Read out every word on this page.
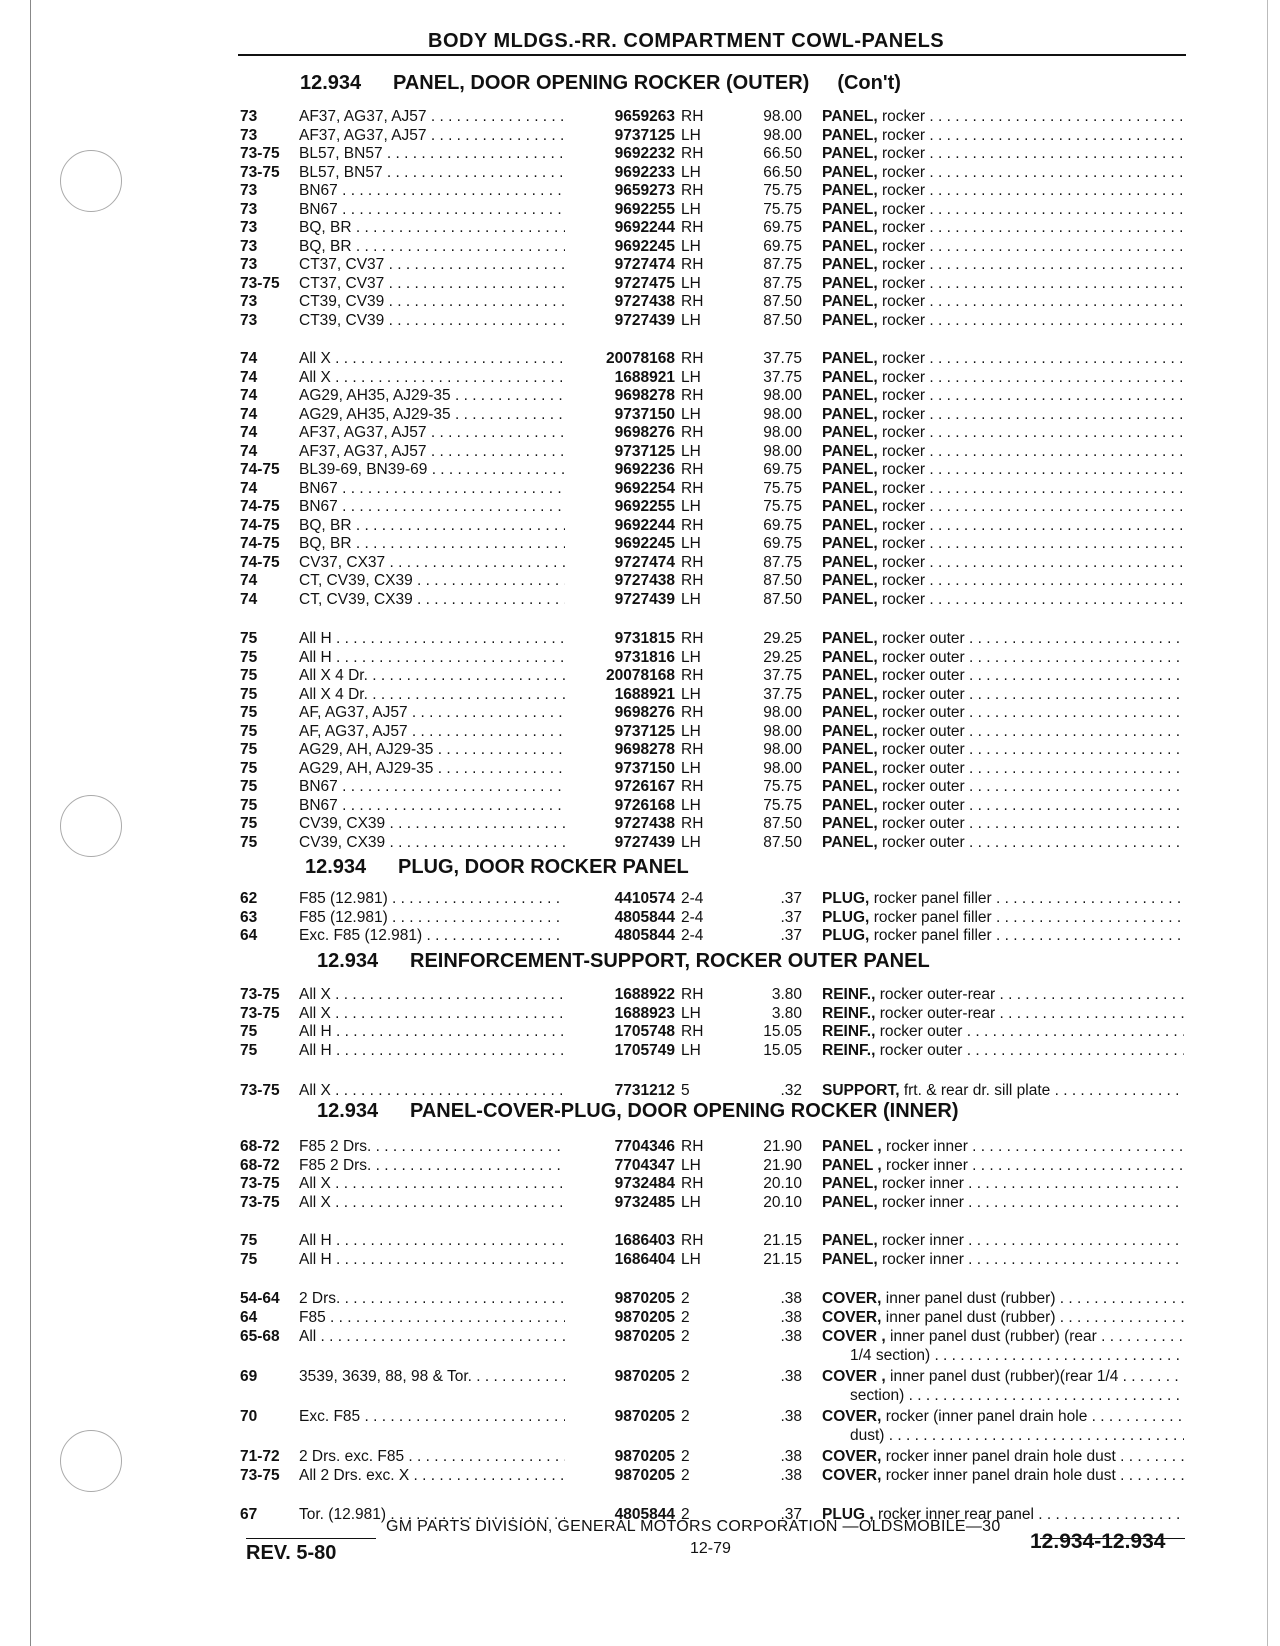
BODY MLDGS.-RR. COMPARTMENT COWL-PANELS
12.934 PANEL, DOOR OPENING ROCKER (OUTER) (Con't)
12.934 PLUG, DOOR ROCKER PANEL
12.934 REINFORCEMENT-SUPPORT, ROCKER OUTER PANEL
12.934 PANEL-COVER-PLUG, DOOR OPENING ROCKER (INNER)
73	AF37, AG37, AJ57 . . .	9659263 RH	98.00 PANEL, rocker . . .
73	AF37, AG37, AJ57 . . .	9737125 LH	98.00 PANEL, rocker . . .
73-75 BL57, BN57 . . .	9692232 RH	66.50 PANEL, rocker . . .
73-75 BL57, BN57 . . .	9692233 LH	66.50 PANEL, rocker . . .
73	BN67 . . .	9659273 RH	75.75 PANEL, rocker . . .
73	BN67 . . .	9692255 LH	75.75 PANEL, rocker . . .
73	BQ, BR . . .	9692244 RH	69.75 PANEL, rocker . . .
73	BQ, BR . . .	9692245 LH	69.75 PANEL, rocker . . .
73	CT37, CV37 . . .	9727474 RH	87.75 PANEL, rocker . . .
73-75 CT37, CV37 . . .	9727475 LH	87.75 PANEL, rocker . . .
73	CT39, CV39 . . .	9727438 RH	87.50 PANEL, rocker . . .
73	CT39, CV39 . . .	9727439 LH	87.50 PANEL, rocker . . .
74	All X . . .	20078168 RH	37.75 PANEL, rocker . . .
74	All X . . .	1688921 LH	37.75 PANEL, rocker . . .
74	AG29, AH35, AJ29-35 . . .	9698278 RH	98.00 PANEL, rocker . . .
74	AG29, AH35, AJ29-35 . . .	9737150 LH	98.00 PANEL, rocker . . .
74	AF37, AG37, AJ57 . . .	9698276 RH	98.00 PANEL, rocker . . .
74	AF37, AG37, AJ57 . . .	9737125 LH	98.00 PANEL, rocker . . .
74-75 BL39-69, BN39-69 . . .	9692236 RH	69.75 PANEL, rocker . . .
74	BN67 . . .	9692254 RH	75.75 PANEL, rocker . . .
74-75 BN67 . . .	9692255 LH	75.75 PANEL, rocker . . .
74-75 BQ, BR . . .	9692244 RH	69.75 PANEL, rocker . . .
74-75 BQ, BR . . .	9692245 LH	69.75 PANEL, rocker . . .
74-75 CV37, CX37 . . .	9727474 RH	87.75 PANEL, rocker . . .
74	CT, CV39, CX39 . . .	9727438 RH	87.50 PANEL, rocker . . .
74	CT, CV39, CX39 . . .	9727439 LH	87.50 PANEL, rocker . . .
75	All H . . .	9731815 RH	29.25 PANEL, rocker outer . . .
75	All H . . .	9731816 LH	29.25 PANEL, rocker outer . . .
75	All X 4 Dr. . . .	20078168 RH	37.75 PANEL, rocker outer . . .
75	All X 4 Dr. . . .	1688921 LH	37.75 PANEL, rocker outer . . .
75	AF, AG37, AJ57 . . .	9698276 RH	98.00 PANEL, rocker outer . . .
75	AF, AG37, AJ57 . . .	9737125 LH	98.00 PANEL, rocker outer . . .
75	AG29, AH, AJ29-35 . . .	9698278 RH	98.00 PANEL, rocker outer . . .
75	AG29, AH, AJ29-35 . . .	9737150 LH	98.00 PANEL, rocker outer . . .
75	BN67 . . .	9726167 RH	75.75 PANEL, rocker outer . . .
75	BN67 . . .	9726168 LH	75.75 PANEL, rocker outer . . .
75	CV39, CX39 . . .	9727438 RH	87.50 PANEL, rocker outer . . .
75	CV39, CX39 . . .	9727439 LH	87.50 PANEL, rocker outer . . .
62	F85 (12.981) . . .	4410574 2-4	.37 PLUG, rocker panel filler . . .
63	F85 (12.981) . . .	4805844 2-4	.37 PLUG, rocker panel filler . . .
64	Exc. F85 (12.981) . . .	4805844 2-4	.37 PLUG, rocker panel filler . . .
73-75 All X . . .	1688922 RH	3.80 REINF., rocker outer-rear . . .
73-75 All X . . .	1688923 LH	3.80 REINF., rocker outer-rear . . .
75	All H . . .	1705748 RH	15.05 REINF., rocker outer . . .
75	All H . . .	1705749 LH	15.05 REINF., rocker outer . . .
73-75 All X . . .	7731212 5	.32 SUPPORT, frt. & rear dr. sill plate . . .
68-72 F85 2 Drs. . . .	7704346 RH	21.90 PANEL , rocker inner . . .
68-72 F85 2 Drs. . . .	7704347 LH	21.90 PANEL , rocker inner . . .
73-75 All X . . .	9732484 RH	20.10 PANEL, rocker inner . . .
73-75 All X . . .	9732485 LH	20.10 PANEL, rocker inner . . .
75	All H . . .	1686403 RH	21.15 PANEL, rocker inner . . .
75	All H . . .	1686404 LH	21.15 PANEL, rocker inner . . .
54-64 2 Drs. . . .	9870205 2	.38 COVER, inner panel dust (rubber) . . .
64	F85 . . .	9870205 2	.38 COVER, inner panel dust (rubber) . . .
65-68 All . . .	9870205 2	.38 COVER , inner panel dust (rubber) (rear . . .
1/4 section) . . .
69	3539, 3639, 88, 98 & Tor. . . .	9870205 2	.38 COVER , inner panel dust (rubber)(rear 1/4 . . .
section) . . .
70	Exc. F85 . . .	9870205 2	.38 COVER, rocker (inner panel drain hole . . .
dust) . . .
71-72 2 Drs. exc. F85 . . .	9870205 2	.38 COVER, rocker inner panel drain hole dust . . .
73-75 All 2 Drs. exc. X . . .	9870205 2	.38 COVER, rocker inner panel drain hole dust . . .
67	Tor. (12.981) . . .	4805844 2	.37 PLUG , rocker inner rear panel . . .
GM PARTS DIVISION, GENERAL MOTORS CORPORATION —OLDSMOBILE—30
REV. 5-80	12-79	12.934-12.934
